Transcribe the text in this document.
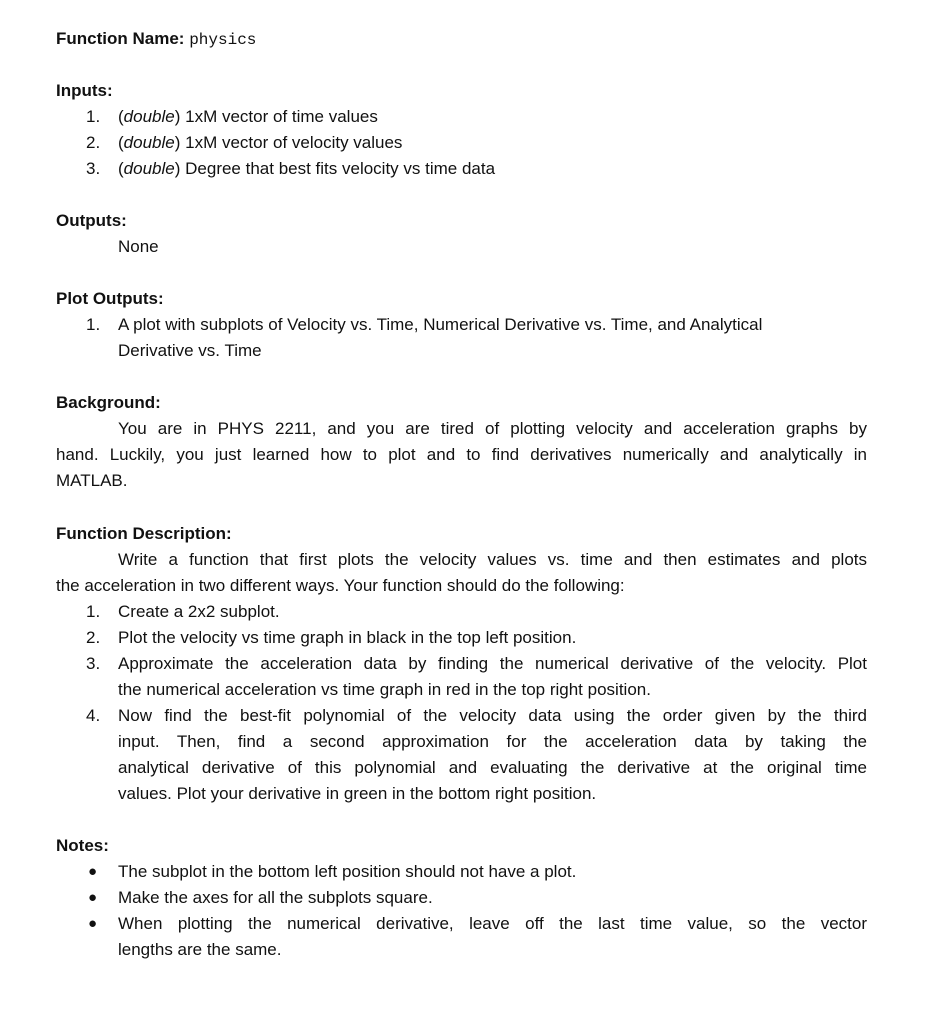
Function Name: physics
Inputs:
1. (double) 1xM vector of time values
2. (double) 1xM vector of velocity values
3. (double) Degree that best fits velocity vs time data
Outputs:
None
Plot Outputs:
1. A plot with subplots of Velocity vs. Time, Numerical Derivative vs. Time, and Analytical
Derivative vs. Time
Background:
You are in PHYS 2211, and you are tired of plotting velocity and acceleration graphs by
hand. Luckily, you just learned how to plot and to find derivatives numerically and analytically in
MATLAB.
Function Description:
Write a function that first plots the velocity values vs. time and then estimates and plots
the acceleration in two different ways. Your function should do the following:
1. Create a 2x2 subplot.
2. Plot the velocity vs time graph in black in the top left position.
3. Approximate the acceleration data by finding the numerical derivative of the velocity. Plot
the numerical acceleration vs time graph in red in the top right position.
4. Now find the best-fit polynomial of the velocity data using the order given by the third
input. Then, find a second approximation for the acceleration data by taking the
analytical derivative of this polynomial and evaluating the derivative at the original time
values. Plot your derivative in green in the bottom right position.
Notes:
● The subplot in the bottom left position should not have a plot.
● Make the axes for all the subplots square.
● When plotting the numerical derivative, leave off the last time value, so the vector
lengths are the same.
